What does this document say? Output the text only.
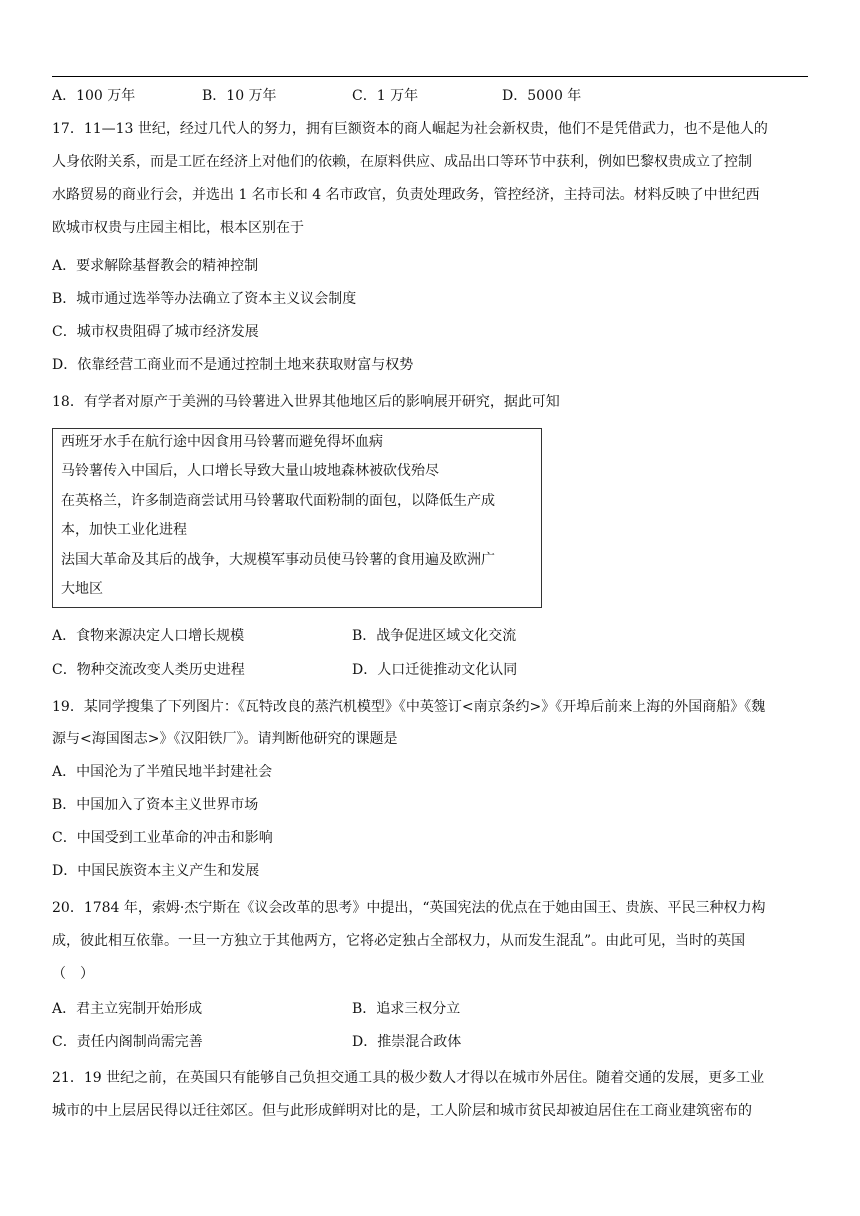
A．100 万年	B．10 万年	C．1 万年	D．5000 年
17．11—13 世纪，经过几代人的努力，拥有巨额资本的商人崛起为社会新权贵，他们不是凭借武力，也不是他人的
人身依附关系，而是工匠在经济上对他们的依赖，在原料供应、成品出口等环节中获利，例如巴黎权贵成立了控制
水路贸易的商业行会，并选出 1 名市长和 4 名市政官，负责处理政务，管控经济，主持司法。材料反映了中世纪西
欧城市权贵与庄园主相比，根本区别在于
A．要求解除基督教会的精神控制
B．城市通过选举等办法确立了资本主义议会制度
C．城市权贵阻碍了城市经济发展
D．依靠经营工商业而不是通过控制土地来获取财富与权势
18．有学者对原产于美洲的马铃薯进入世界其他地区后的影响展开研究，据此可知
西班牙水手在航行途中因食用马铃薯而避免得坏血病
马铃薯传入中国后，人口增长导致大量山坡地森林被砍伐殆尽
在英格兰，许多制造商尝试用马铃薯取代面粉制的面包，以降低生产成
本，加快工业化进程
法国大革命及其后的战争，大规模军事动员使马铃薯的食用遍及欧洲广
大地区
A．食物来源决定人口增长规模	B．战争促进区域文化交流
C．物种交流改变人类历史进程	D．人口迁徙推动文化认同
19．某同学搜集了下列图片：《瓦特改良的蒸汽机模型》《中英签订<南京条约>》《开埠后前来上海的外国商船》《魏
源与<海国图志>》《汉阳铁厂》。请判断他研究的课题是
A．中国沦为了半殖民地半封建社会
B．中国加入了资本主义世界市场
C．中国受到工业革命的冲击和影响
D．中国民族资本主义产生和发展
20．1784 年，索姆·杰宁斯在《议会改革的思考》中提出，“英国宪法的优点在于她由国王、贵族、平民三种权力构
成，彼此相互依靠。一旦一方独立于其他两方，它将必定独占全部权力，从而发生混乱”。由此可见，当时的英国
（　）
A．君主立宪制开始形成	B．追求三权分立
C．责任内阁制尚需完善	D．推崇混合政体
21．19 世纪之前，在英国只有能够自己负担交通工具的极少数人才得以在城市外居住。随着交通的发展，更多工业
城市的中上层居民得以迁往郊区。但与此形成鲜明对比的是，工人阶层和城市贫民却被迫居住在工商业建筑密布的
